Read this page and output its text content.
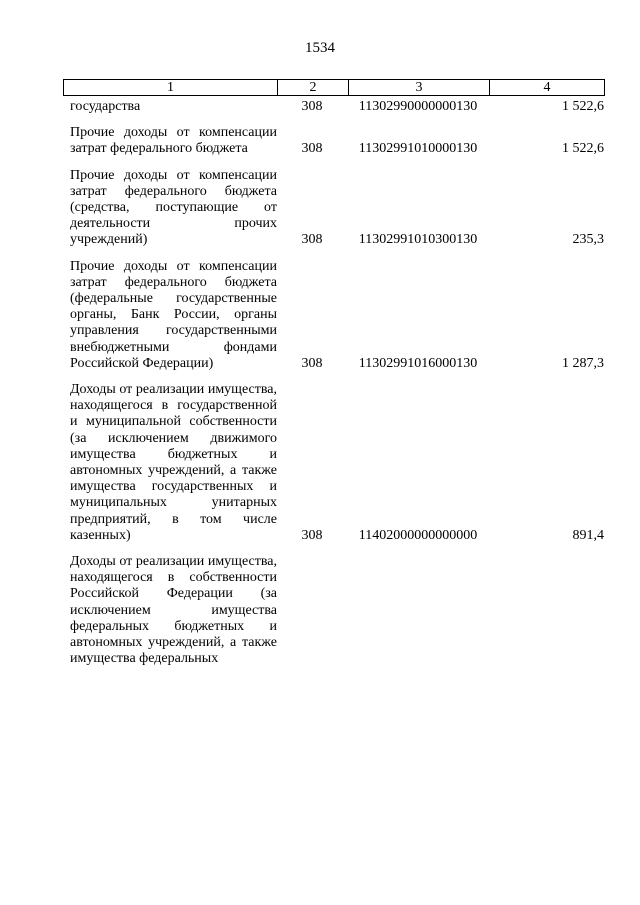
1534
1	2	3	4
государства	308	11302990000000130	1 522,6
Прочие доходы от компенсации затрат федерального бюджета	308	11302991010000130	1 522,6
Прочие доходы от компенсации затрат федерального бюджета (средства, поступающие от деятельности прочих учреждений)	308	11302991010300130	235,3
Прочие доходы от компенсации затрат федерального бюджета (федеральные государственные органы, Банк России, органы управления государственными внебюджетными фондами Российской Федерации)	308	11302991016000130	1 287,3
Доходы от реализации имущества, находящегося в государственной и муниципальной собственности (за исключением движимого имущества бюджетных и автономных учреждений, а также имущества государственных и муниципальных унитарных предприятий, в том числе казенных)	308	11402000000000000	891,4
Доходы от реализации имущества, находящегося в собственности Российской Федерации (за исключением имущества федеральных бюджетных и автономных учреждений, а также имущества федеральных
